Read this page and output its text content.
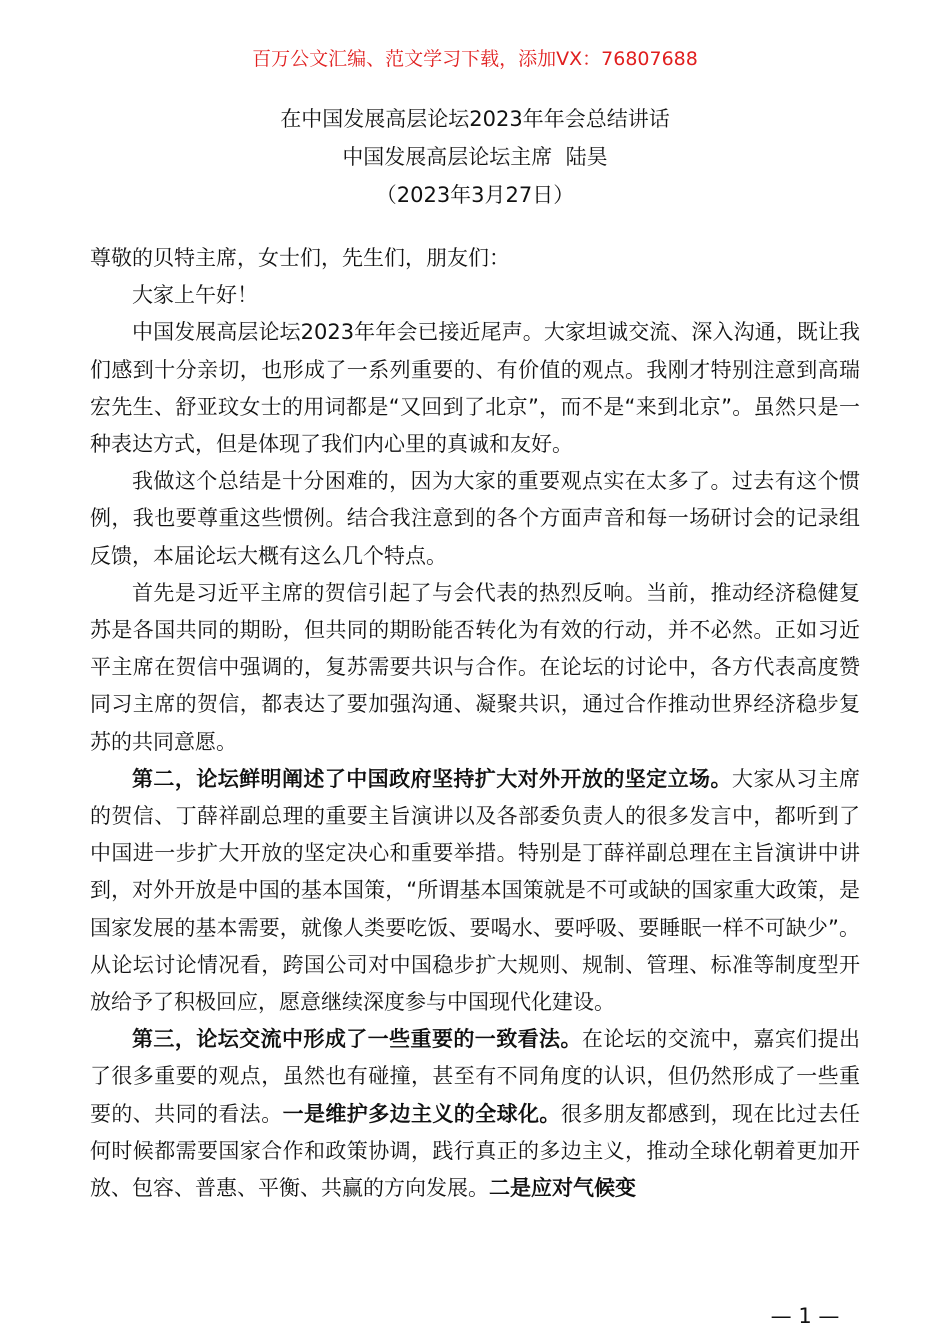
百万公文汇编、范文学习下载，添加VX：76807688
在中国发展高层论坛2023年年会总结讲话
中国发展高层论坛主席  陆昊
（2023年3月27日）

尊敬的贝特主席，女士们，先生们，朋友们：

大家上午好！

中国发展高层论坛2023年年会已接近尾声。大家坦诚交流、深入沟通，既让我们感到十分亲切，也形成了一系列重要的、有价值的观点。我刚才特别注意到高瑞宏先生、舒亚玟女士的用词都是“又回到了北京”，而不是“来到北京”。虽然只是一种表达方式，但是体现了我们内心里的真诚和友好。

我做这个总结是十分困难的，因为大家的重要观点实在太多了。过去有这个惯例，我也要尊重这些惯例。结合我注意到的各个方面声音和每一场研讨会的记录组反馈，本届论坛大概有这么几个特点。

首先是习近平主席的贺信引起了与会代表的热烈反响。当前，推动经济稳健复苏是各国共同的期盼，但共同的期盼能否转化为有效的行动，并不必然。正如习近平主席在贺信中强调的，复苏需要共识与合作。在论坛的讨论中，各方代表高度赞同习主席的贺信，都表达了要加强沟通、凝聚共识，通过合作推动世界经济稳步复苏的共同意愿。

第二，论坛鲜明阐述了中国政府坚持扩大对外开放的坚定立场。大家从习主席的贺信、丁薛祥副总理的重要主旨演讲以及各部委负责人的很多发言中，都听到了中国进一步扩大开放的坚定决心和重要举措。特别是丁薛祥副总理在主旨演讲中讲到，对外开放是中国的基本国策，“所谓基本国策就是不可或缺的国家重大政策，是国家发展的基本需要，就像人类要吃饭、要喝水、要呼吸、要睡眠一样不可缺少”。从论坛讨论情况看，跨国公司对中国稳步扩大规则、规制、管理、标准等制度型开放给予了积极回应，愿意继续深度参与中国现代化建设。

第三，论坛交流中形成了一些重要的一致看法。在论坛的交流中，嘉宾们提出了很多重要的观点，虽然也有碰撞，甚至有不同角度的认识，但仍然形成了一些重要的、共同的看法。一是维护多边主义的全球化。很多朋友都感到，现在比过去任何时候都需要国家合作和政策协调，践行真正的多边主义，推动全球化朝着更加开放、包容、普惠、平衡、共赢的方向发展。二是应对气候变

— 1 —
